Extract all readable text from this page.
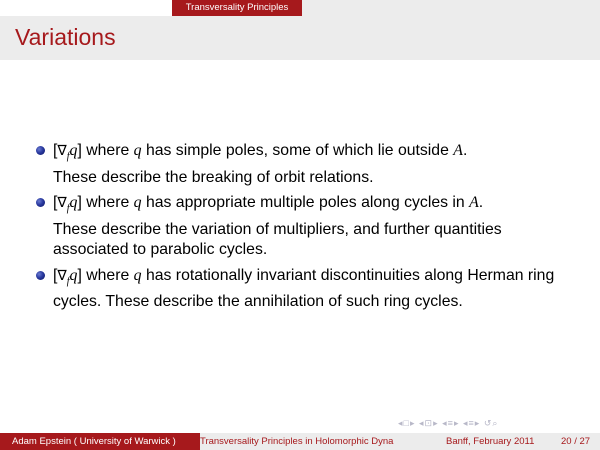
Transversality Principles
Variations
$[\nabla_fq]$ where q has simple poles, some of which lie outside A.
These describe the breaking of orbit relations.
$[\nabla_fq]$ where q has appropriate multiple poles along cycles in A.
These describe the variation of multipliers, and further quantities associated to parabolic cycles.
$[\nabla_fq]$ where q has rotationally invariant discontinuities along Herman ring cycles. These describe the annihilation of such ring cycles.
◂□▸ ◂⊡▸ ◂≡▸ ◂≡▸ ↺⌕
Adam Epstein ( University of Warwick )	Transversality Principles in Holomorphic Dyna	Banff, February 2011	20 / 27
